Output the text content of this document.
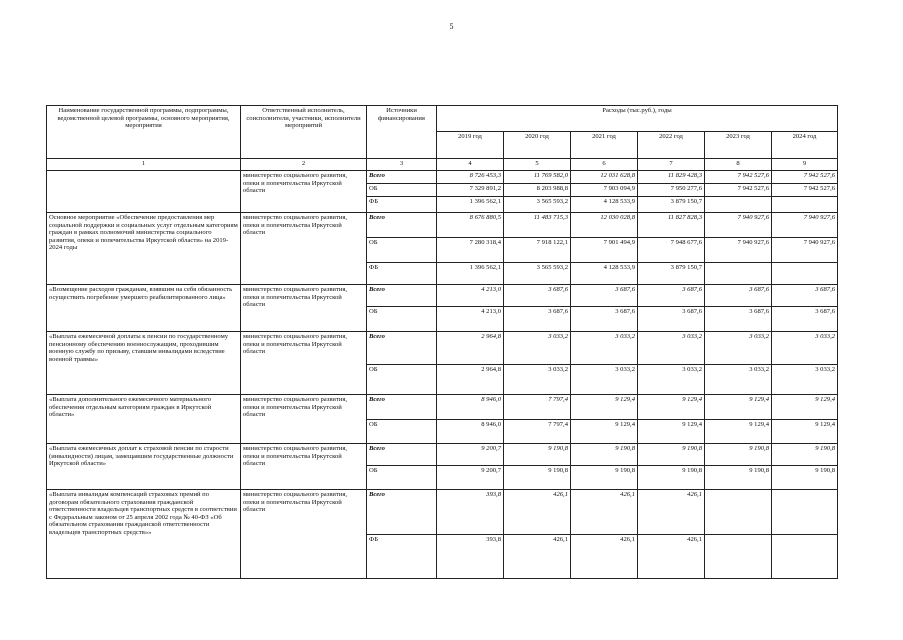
5
Наименование государственной программы, подпрограммы, ведомственной целевой программы, основного мероприятия, мероприятия	Ответственный исполнитель, соисполнители, участники, исполнители мероприятий	Источники финансирования	Расходы (тыс.руб.), годы					
			2019 год	2020 год	2021 год	2022 год	2023 год	2024 год
1	2	3	4	5	6	7	8	9
	министерство социального развития, опеки и попечительства Иркутской области	Всего	8 726 453,3	11 769 582,0	12 031 628,8	11 829 428,3	7 942 527,6	7 942 527,6
		ОБ	7 329 891,2	8 203 988,8	7 903 094,9	7 950 277,6	7 942 527,6	7 942 527,6
		ФБ	1 396 562,1	3 565 593,2	4 128 533,9	3 879 150,7		
Основное мероприятие «Обеспечение предоставления мер социальной поддержки и социальных услуг отдельным категориям граждан в рамках полномочий министерства социального развития, опеки и попечительства Иркутской области» на 2019-2024 годы	министерство социального развития, опеки и попечительства Иркутской области	Всего	8 676 880,5	11 483 715,3	12 030 028,8	11 827 828,3	7 940 927,6	7 940 927,6
		ОБ	7 280 318,4	7 918 122,1	7 901 494,9	7 948 677,6	7 940 927,6	7 940 927,6
		ФБ	1 396 562,1	3 565 593,2	4 128 533,9	3 879 150,7		
«Возмещение расходов гражданам, взявшим на себя обязанность осуществить погребение умершего реабилитированного лица»	министерство социального развития, опеки и попечительства Иркутской области	Всего	4 213,0	3 687,6	3 687,6	3 687,6	3 687,6	3 687,6
		ОБ	4 213,0	3 687,6	3 687,6	3 687,6	3 687,6	3 687,6
«Выплата ежемесячной доплаты к пенсии по государственному пенсионному обеспечению военнослужащим, проходившим военную службу по призыву, ставшим инвалидами вследствие военной травмы»	министерство социального развития, опеки и попечительства Иркутской области	Всего	2 964,8	3 033,2	3 033,2	3 033,2	3 033,2	3 033,2
		ОБ	2 964,8	3 033,2	3 033,2	3 033,2	3 033,2	3 033,2
«Выплата дополнительного ежемесячного материального обеспечения отдельным категориям граждан в Иркутской области»	министерство социального развития, опеки и попечительства Иркутской области	Всего	8 946,0	7 797,4	9 129,4	9 129,4	9 129,4	9 129,4
		ОБ	8 946,0	7 797,4	9 129,4	9 129,4	9 129,4	9 129,4
«Выплата ежемесячных доплат к страховой пенсии по старости (инвалидности) лицам, замещавшим государственные должности Иркутской области»	министерство социального развития, опеки и попечительства Иркутской области	Всего	9 200,7	9 190,8	9 190,8	9 190,8	9 190,8	9 190,8
		ОБ	9 200,7	9 190,8	9 190,8	9 190,8	9 190,8	9 190,8
«Выплата инвалидам компенсаций страховых премий по договорам обязательного страхования гражданской ответственности владельцев транспортных средств в соответствии с Федеральным законом от 25 апреля 2002 года № 40-ФЗ «Об обязательном страховании гражданской ответственности владельцев транспортных средств»»	министерство социального развития, опеки и попечительства Иркутской области	Всего	393,8	426,1	426,1	426,1		
		ФБ	393,8	426,1	426,1	426,1		
